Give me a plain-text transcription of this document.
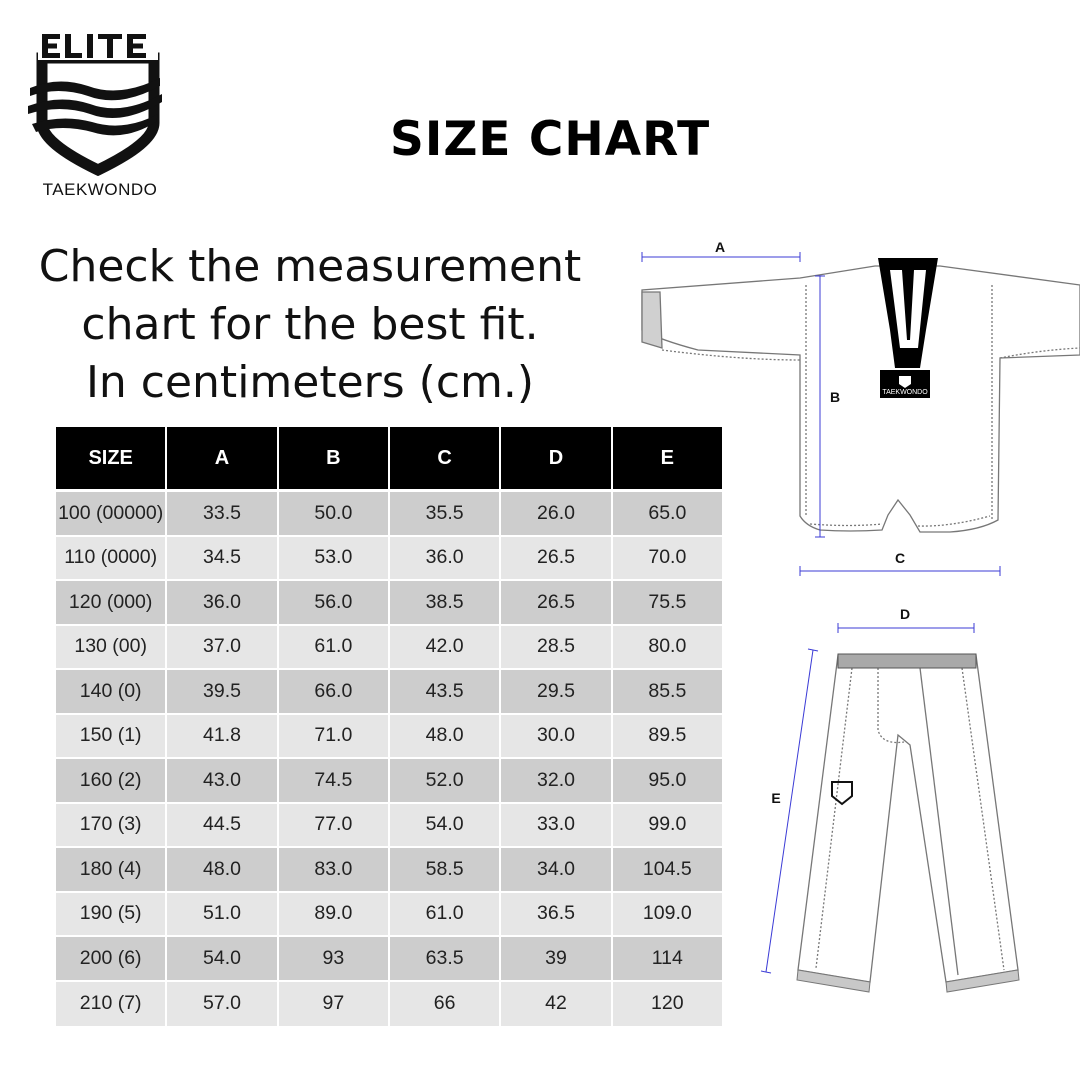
TAEKWONDO
SIZE CHART
Check the measurement
chart for the best fit.
In centimeters (cm.)
SIZE	A	B	C	D	E
100 (00000)	33.5	50.0	35.5	26.0	65.0
110 (0000)	34.5	53.0	36.0	26.5	70.0
120 (000)	36.0	56.0	38.5	26.5	75.5
130 (00)	37.0	61.0	42.0	28.5	80.0
140 (0)	39.5	66.0	43.5	29.5	85.5
150 (1)	41.8	71.0	48.0	30.0	89.5
160 (2)	43.0	74.5	52.0	32.0	95.0
170 (3)	44.5	77.0	54.0	33.0	99.0
180 (4)	48.0	83.0	58.5	34.0	104.5
190 (5)	51.0	89.0	61.0	36.5	109.0
200 (6)	54.0	93	63.5	39	114
210 (7)	57.0	97	66	42	120
TAEKWONDO
A
B
C
D
E
